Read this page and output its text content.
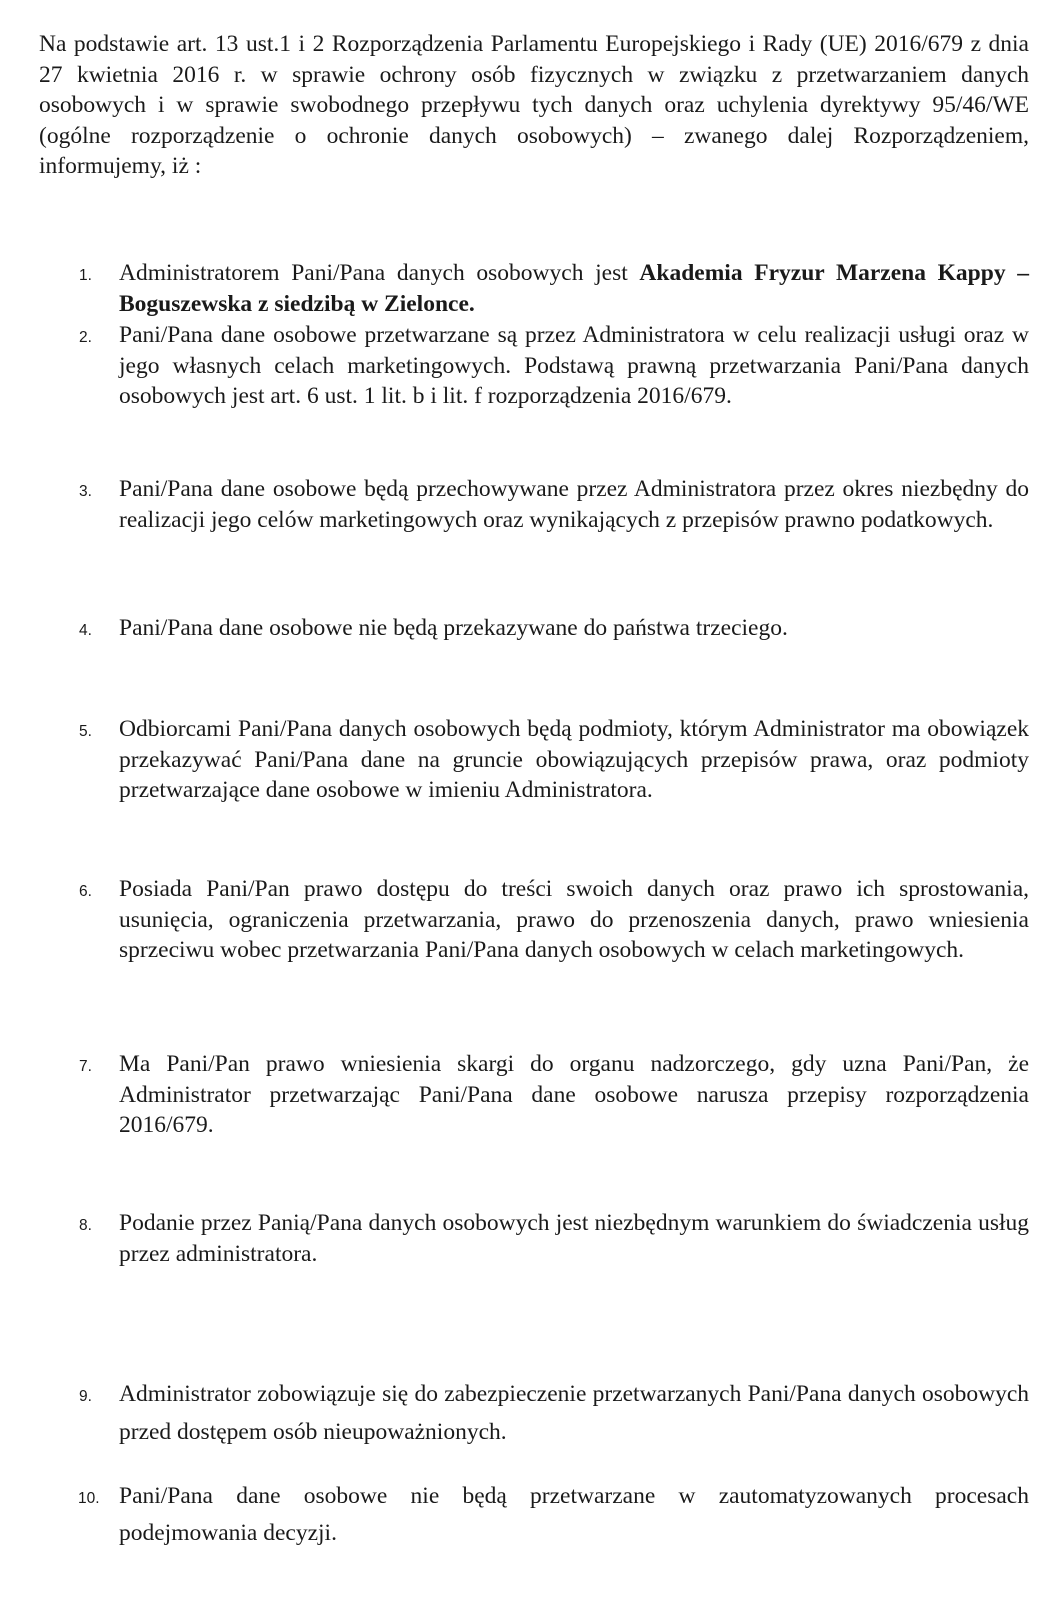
Na podstawie art. 13 ust.1 i 2 Rozporządzenia Parlamentu Europejskiego i Rady (UE) 2016/679 z dnia 27 kwietnia 2016 r. w sprawie ochrony osób fizycznych w związku z przetwarzaniem danych osobowych i w sprawie swobodnego przepływu tych danych oraz uchylenia dyrektywy 95/46/WE (ogólne rozporządzenie o ochronie danych osobowych) – zwanego dalej Rozporządzeniem, informujemy, iż :

1.	Administratorem Pani/Pana danych osobowych jest Akademia Fryzur Marzena Kappy – Boguszewska z siedzibą w Zielonce.
2.	Pani/Pana dane osobowe przetwarzane są przez Administratora w celu realizacji usługi oraz w jego własnych celach marketingowych. Podstawą prawną przetwarzania Pani/Pana danych osobowych jest art. 6 ust. 1 lit. b i lit. f rozporządzenia 2016/679.
3.	Pani/Pana dane osobowe będą przechowywane przez Administratora przez okres niezbędny do realizacji jego celów marketingowych oraz wynikających z przepisów prawno podatkowych.
4.	Pani/Pana dane osobowe nie będą przekazywane do państwa trzeciego.
5.	Odbiorcami Pani/Pana danych osobowych będą podmioty, którym Administrator ma obowiązek przekazywać Pani/Pana dane na gruncie obowiązujących przepisów prawa, oraz podmioty przetwarzające dane osobowe w imieniu Administratora.
6.	Posiada Pani/Pan prawo dostępu do treści swoich danych oraz prawo ich sprostowania, usunięcia, ograniczenia przetwarzania, prawo do przenoszenia danych, prawo wniesienia sprzeciwu wobec przetwarzania Pani/Pana danych osobowych w celach marketingowych.
7.	Ma Pani/Pan prawo wniesienia skargi do organu nadzorczego, gdy uzna Pani/Pan, że Administrator przetwarzając Pani/Pana dane osobowe narusza przepisy rozporządzenia 2016/679.
8.	Podanie przez Panią/Pana danych osobowych jest niezbędnym warunkiem do świadczenia usług przez administratora.
9.	Administrator zobowiązuje się do zabezpieczenie przetwarzanych Pani/Pana danych osobowych przed dostępem osób nieupoważnionych.
10. Pani/Pana dane osobowe nie będą przetwarzane w zautomatyzowanych procesach podejmowania decyzji.
